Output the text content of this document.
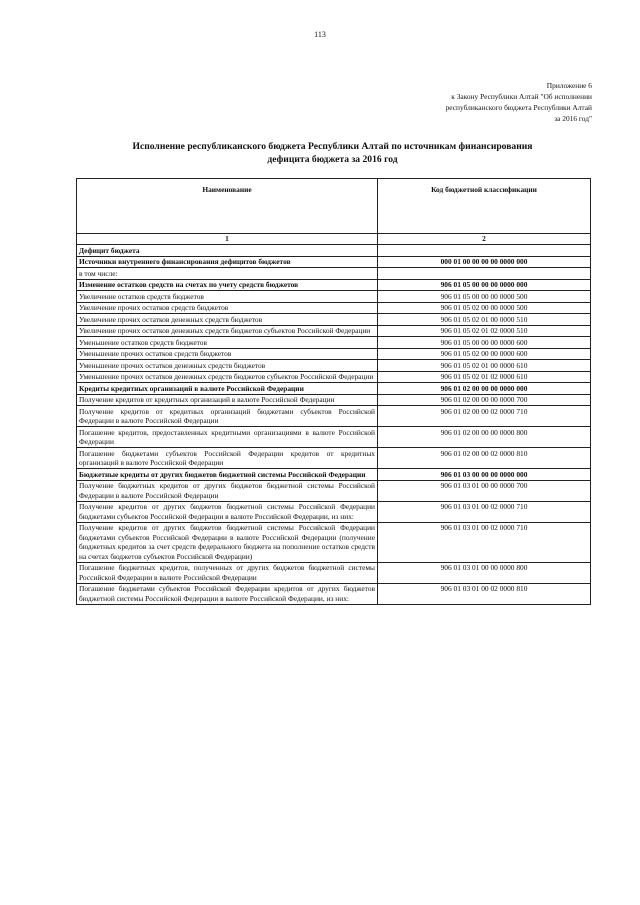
113
Приложение 6
к Закону Республики Алтай "Об исполнении
республиканского бюджета Республики Алтай
за 2016 год"
Исполнение республиканского бюджета Республики Алтай по источникам финансирования
дефицита бюджета за 2016 год
Наименование	Код бюджетной классификации
1	2
Дефицит бюджета	
Источники внутреннего финансирования дефицитов бюджетов	000 01 00 00 00 00 0000 000
в том числе:	
Изменение остатков средств на счетах по учету средств бюджетов	906 01 05 00 00 00 0000 000
Увеличение остатков средств бюджетов	906 01 05 00 00 00 0000 500
Увеличение прочих остатков средств бюджетов	906 01 05 02 00 00 0000 500
Увеличение прочих остатков денежных средств бюджетов	906 01 05 02 01 00 0000 510
Увеличение прочих остатков денежных средств бюджетов субъектов Российской Федерации	906 01 05 02 01 02 0000 510
Уменьшение остатков средств бюджетов	906 01 05 00 00 00 0000 600
Уменьшение прочих остатков средств бюджетов	906 01 05 02 00 00 0000 600
Уменьшение прочих остатков денежных средств бюджетов	906 01 05 02 01 00 0000 610
Уменьшение прочих остатков денежных средств бюджетов субъектов Российской Федерации	906 01 05 02 01 02 0000 610
Кредиты кредитных организаций в валюте Российской Федерации	906 01 02 00 00 00 0000 000
Получение кредитов от кредитных организаций в валюте Российской Федерации	906 01 02 00 00 00 0000 700
Получение кредитов от кредитных организаций бюджетами субъектов Российской Федерации в валюте Российской Федерации	906 01 02 00 00 02 0000 710
Погашение кредитов, предоставленных кредитными организациями в валюте Российской Федерации	906 01 02 00 00 00 0000 800
Погашение бюджетами субъектов Российской Федерации кредитов от кредитных организаций в валюте Российской Федерации	906 01 02 00 00 02 0000 810
Бюджетные кредиты от других бюджетов бюджетной системы Российской Федерации	906 01 03 00 00 00 0000 000
Получение бюджетных кредитов от других бюджетов бюджетной системы Российской Федерации в валюте Российской Федерации	906 01 03 01 00 00 0000 700
Получение кредитов от других бюджетов бюджетной системы Российской Федерации бюджетами субъектов Российской Федерации в валюте Российской Федерации, из них:	906 01 03 01 00 02 0000 710
Получение кредитов от других бюджетов бюджетной системы Российской Федерации бюджетами субъектов Российской Федерации в валюте Российской Федерации (получение бюджетных кредитов за счет средств федерального бюджета на пополнение остатков средств на счетах бюджетов субъектов Российской Федерации)	906 01 03 01 00 02 0000 710
Погашение бюджетных кредитов, полученных от других бюджетов бюджетной системы Российской Федерации в валюте Российской Федерации	906 01 03 01 00 00 0000 800
Погашение бюджетами субъектов Российской Федерации кредитов от других бюджетов бюджетной системы Российской Федерации в валюте Российской Федерации, из них:	906 01 03 01 00 02 0000 810
